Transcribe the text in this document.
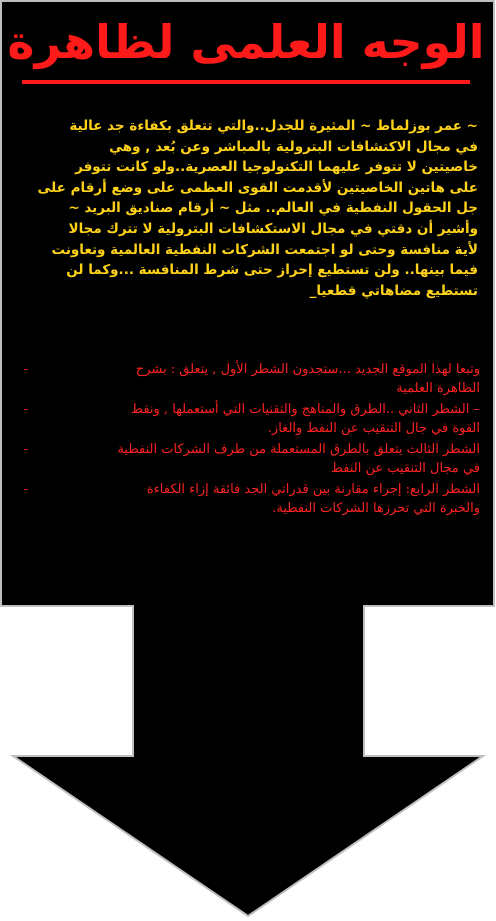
الوجه العلمى لظاهرة
~ عمر بوزلماط ~ المثيرة للجدل..والتي تتعلق بكفاءة جد عالية
في مجال الاكتشافات البترولية بالمباشر وعن بُعد , وهي
خاصيتين لا تتوفر عليهما التكنولوجيا العصرية..ولو كانت تتوفر
على هاتين الخاصيتين لأقدمت القوى العظمى على وضع أرقام على
جل الحقول النفطية في العالم.. مثل ~ أرقام صناديق البريد ~
وأشير أن دقتي في مجال الاستكشافات البترولية لا تترك مجالا
لأية منافسة وحتى لو اجتمعت الشركات النفطية العالمية وتعاونت
فيما بينها.. ولن تستطيع إحراز حتى شرط المنافسة ...وكما لن
تستطيع مضاهاتي قطعيا_
وتبعا لهذا الموقع الجديد ...ستجدون الشطر الأول , يتعلق : بشرح
الظاهرة العلمية
-
– الشطر الثاني ..الطرق والمناهج والتقنيات التي أستعملها , ونقط
القوة في جال التنقيب عن النفط والغاز.
-
الشطر الثالث يتعلق بالطرق المستعملة من طرف الشركات النفطية
في مجال التنقيب عن النفط
-
الشطر الرابع: إجراء مقارنة بين قدراتي الجد فائقة إزاء الكفاءة
والخبرة التي تحرزها الشركات النفطية.
-
